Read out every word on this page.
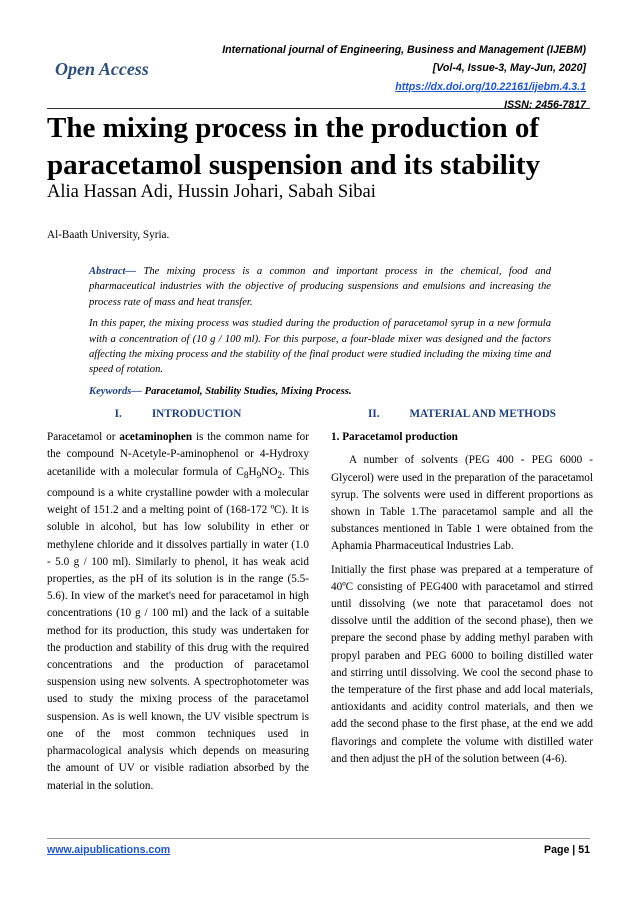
Open Access
International journal of Engineering, Business and Management (IJEBM)
[Vol-4, Issue-3, May-Jun, 2020]
https://dx.doi.org/10.22161/ijebm.4.3.1
ISSN: 2456-7817
The mixing process in the production of paracetamol suspension and its stability
Alia Hassan Adi, Hussin Johari, Sabah Sibai
Al-Baath University, Syria.

Abstract— The mixing process is a common and important process in the chemical, food and pharmaceutical industries with the objective of producing suspensions and emulsions and increasing the process rate of mass and heat transfer.

In this paper, the mixing process was studied during the production of paracetamol syrup in a new formula with a concentration of (10 g / 100 ml). For this purpose, a four-blade mixer was designed and the factors affecting the mixing process and the stability of the final product were studied including the mixing time and speed of rotation.

Keywords— Paracetamol, Stability Studies, Mixing Process.

I.	INTRODUCTION

Paracetamol or acetaminophen is the common name for the compound N-Acetyle-P-aminophenol or 4-Hydroxy acetanilide with a molecular formula of $C_8H_9NO_2$. This compound is a white crystalline powder with a molecular weight of 151.2 and a melting point of (168-172 ºC). It is soluble in alcohol, but has low solubility in ether or methylene chloride and it dissolves partially in water (1.0 - 5.0 g / 100 ml). Similarly to phenol, it has weak acid properties, as the pH of its solution is in the range (5.5-5.6). In view of the market's need for paracetamol in high concentrations (10 g / 100 ml) and the lack of a suitable method for its production, this study was undertaken for the production and stability of this drug with the required concentrations and the production of paracetamol suspension using new solvents. A spectrophotometer was used to study the mixing process of the paracetamol suspension. As is well known, the UV visible spectrum is one of the most common techniques used in pharmacological analysis which depends on measuring the amount of UV or visible radiation absorbed by the material in the solution.

II.	MATERIAL AND METHODS

1. Paracetamol production

A number of solvents (PEG 400 - PEG 6000 - Glycerol) were used in the preparation of the paracetamol syrup. The solvents were used in different proportions as shown in Table 1.The paracetamol sample and all the substances mentioned in Table 1 were obtained from the Aphamia Pharmaceutical Industries Lab.

Initially the first phase was prepared at a temperature of 40ºC consisting of PEG400 with paracetamol and stirred until dissolving (we note that paracetamol does not dissolve until the addition of the second phase), then we prepare the second phase by adding methyl paraben with propyl paraben and PEG 6000 to boiling distilled water and stirring until dissolving. We cool the second phase to the temperature of the first phase and add local materials, antioxidants and acidity control materials, and then we add the second phase to the first phase, at the end we add flavorings and complete the volume with distilled water and then adjust the pH of the solution between (4-6).

www.aipublications.com	Page | 51
